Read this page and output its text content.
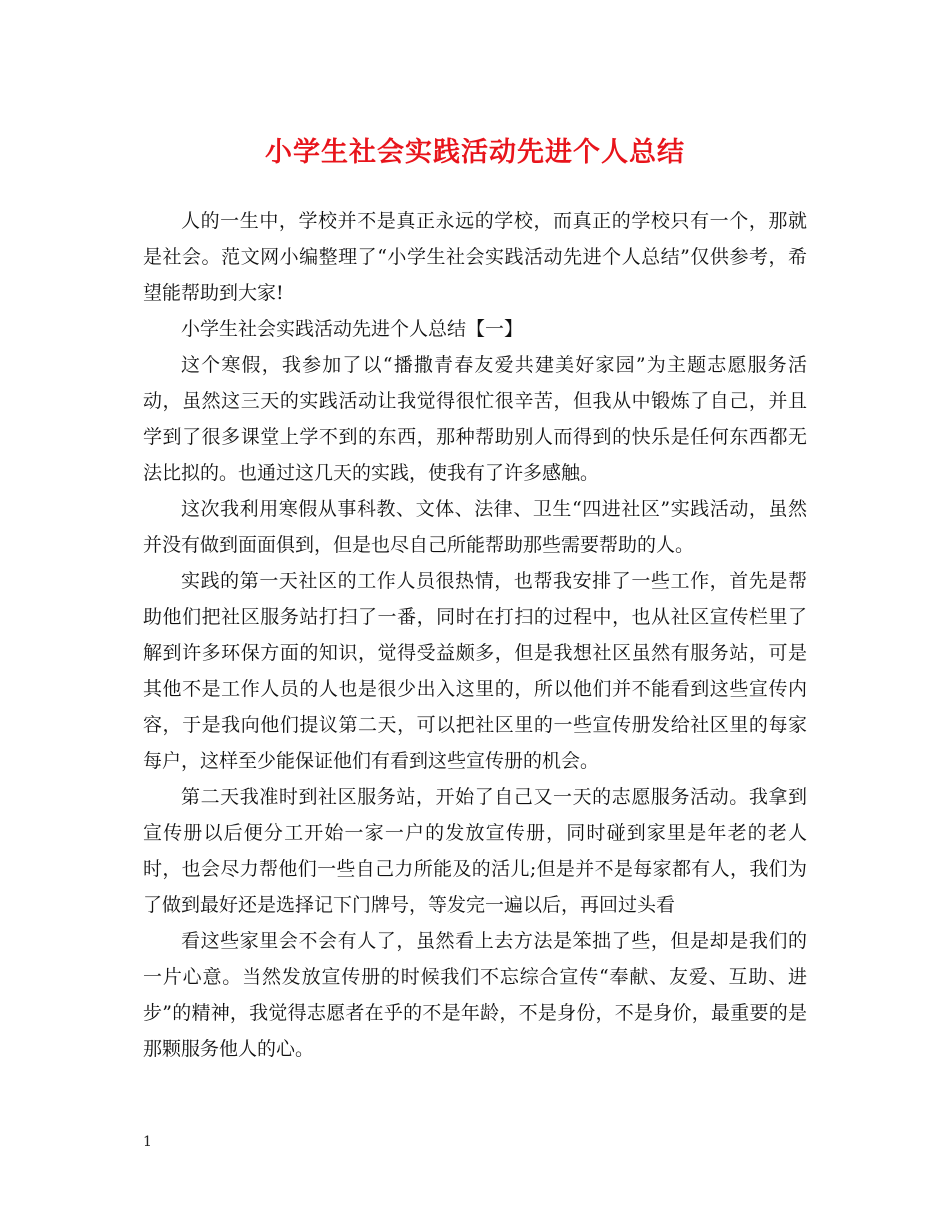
小学生社会实践活动先进个人总结

人的一生中，学校并不是真正永远的学校，而真正的学校只有一个，那就是社会。范文网小编整理了“小学生社会实践活动先进个人总结”仅供参考，希望能帮助到大家!

小学生社会实践活动先进个人总结【一】

这个寒假，我参加了以“播撒青春友爱共建美好家园”为主题志愿服务活动，虽然这三天的实践活动让我觉得很忙很辛苦，但我从中锻炼了自己，并且学到了很多课堂上学不到的东西，那种帮助别人而得到的快乐是任何东西都无法比拟的。也通过这几天的实践，使我有了许多感触。

这次我利用寒假从事科教、文体、法律、卫生“四进社区”实践活动，虽然并没有做到面面俱到，但是也尽自己所能帮助那些需要帮助的人。

实践的第一天社区的工作人员很热情，也帮我安排了一些工作，首先是帮助他们把社区服务站打扫了一番，同时在打扫的过程中，也从社区宣传栏里了解到许多环保方面的知识，觉得受益颇多，但是我想社区虽然有服务站，可是其他不是工作人员的人也是很少出入这里的，所以他们并不能看到这些宣传内容，于是我向他们提议第二天，可以把社区里的一些宣传册发给社区里的每家每户，这样至少能保证他们有看到这些宣传册的机会。

第二天我准时到社区服务站，开始了自己又一天的志愿服务活动。我拿到宣传册以后便分工开始一家一户的发放宣传册，同时碰到家里是年老的老人时，也会尽力帮他们一些自己力所能及的活儿;但是并不是每家都有人，我们为了做到最好还是选择记下门牌号，等发完一遍以后，再回过头看

看这些家里会不会有人了，虽然看上去方法是笨拙了些，但是却是我们的一片心意。当然发放宣传册的时候我们不忘综合宣传“奉献、友爱、互助、进步”的精神，我觉得志愿者在乎的不是年龄，不是身份，不是身价，最重要的是那颗服务他人的心。

1
